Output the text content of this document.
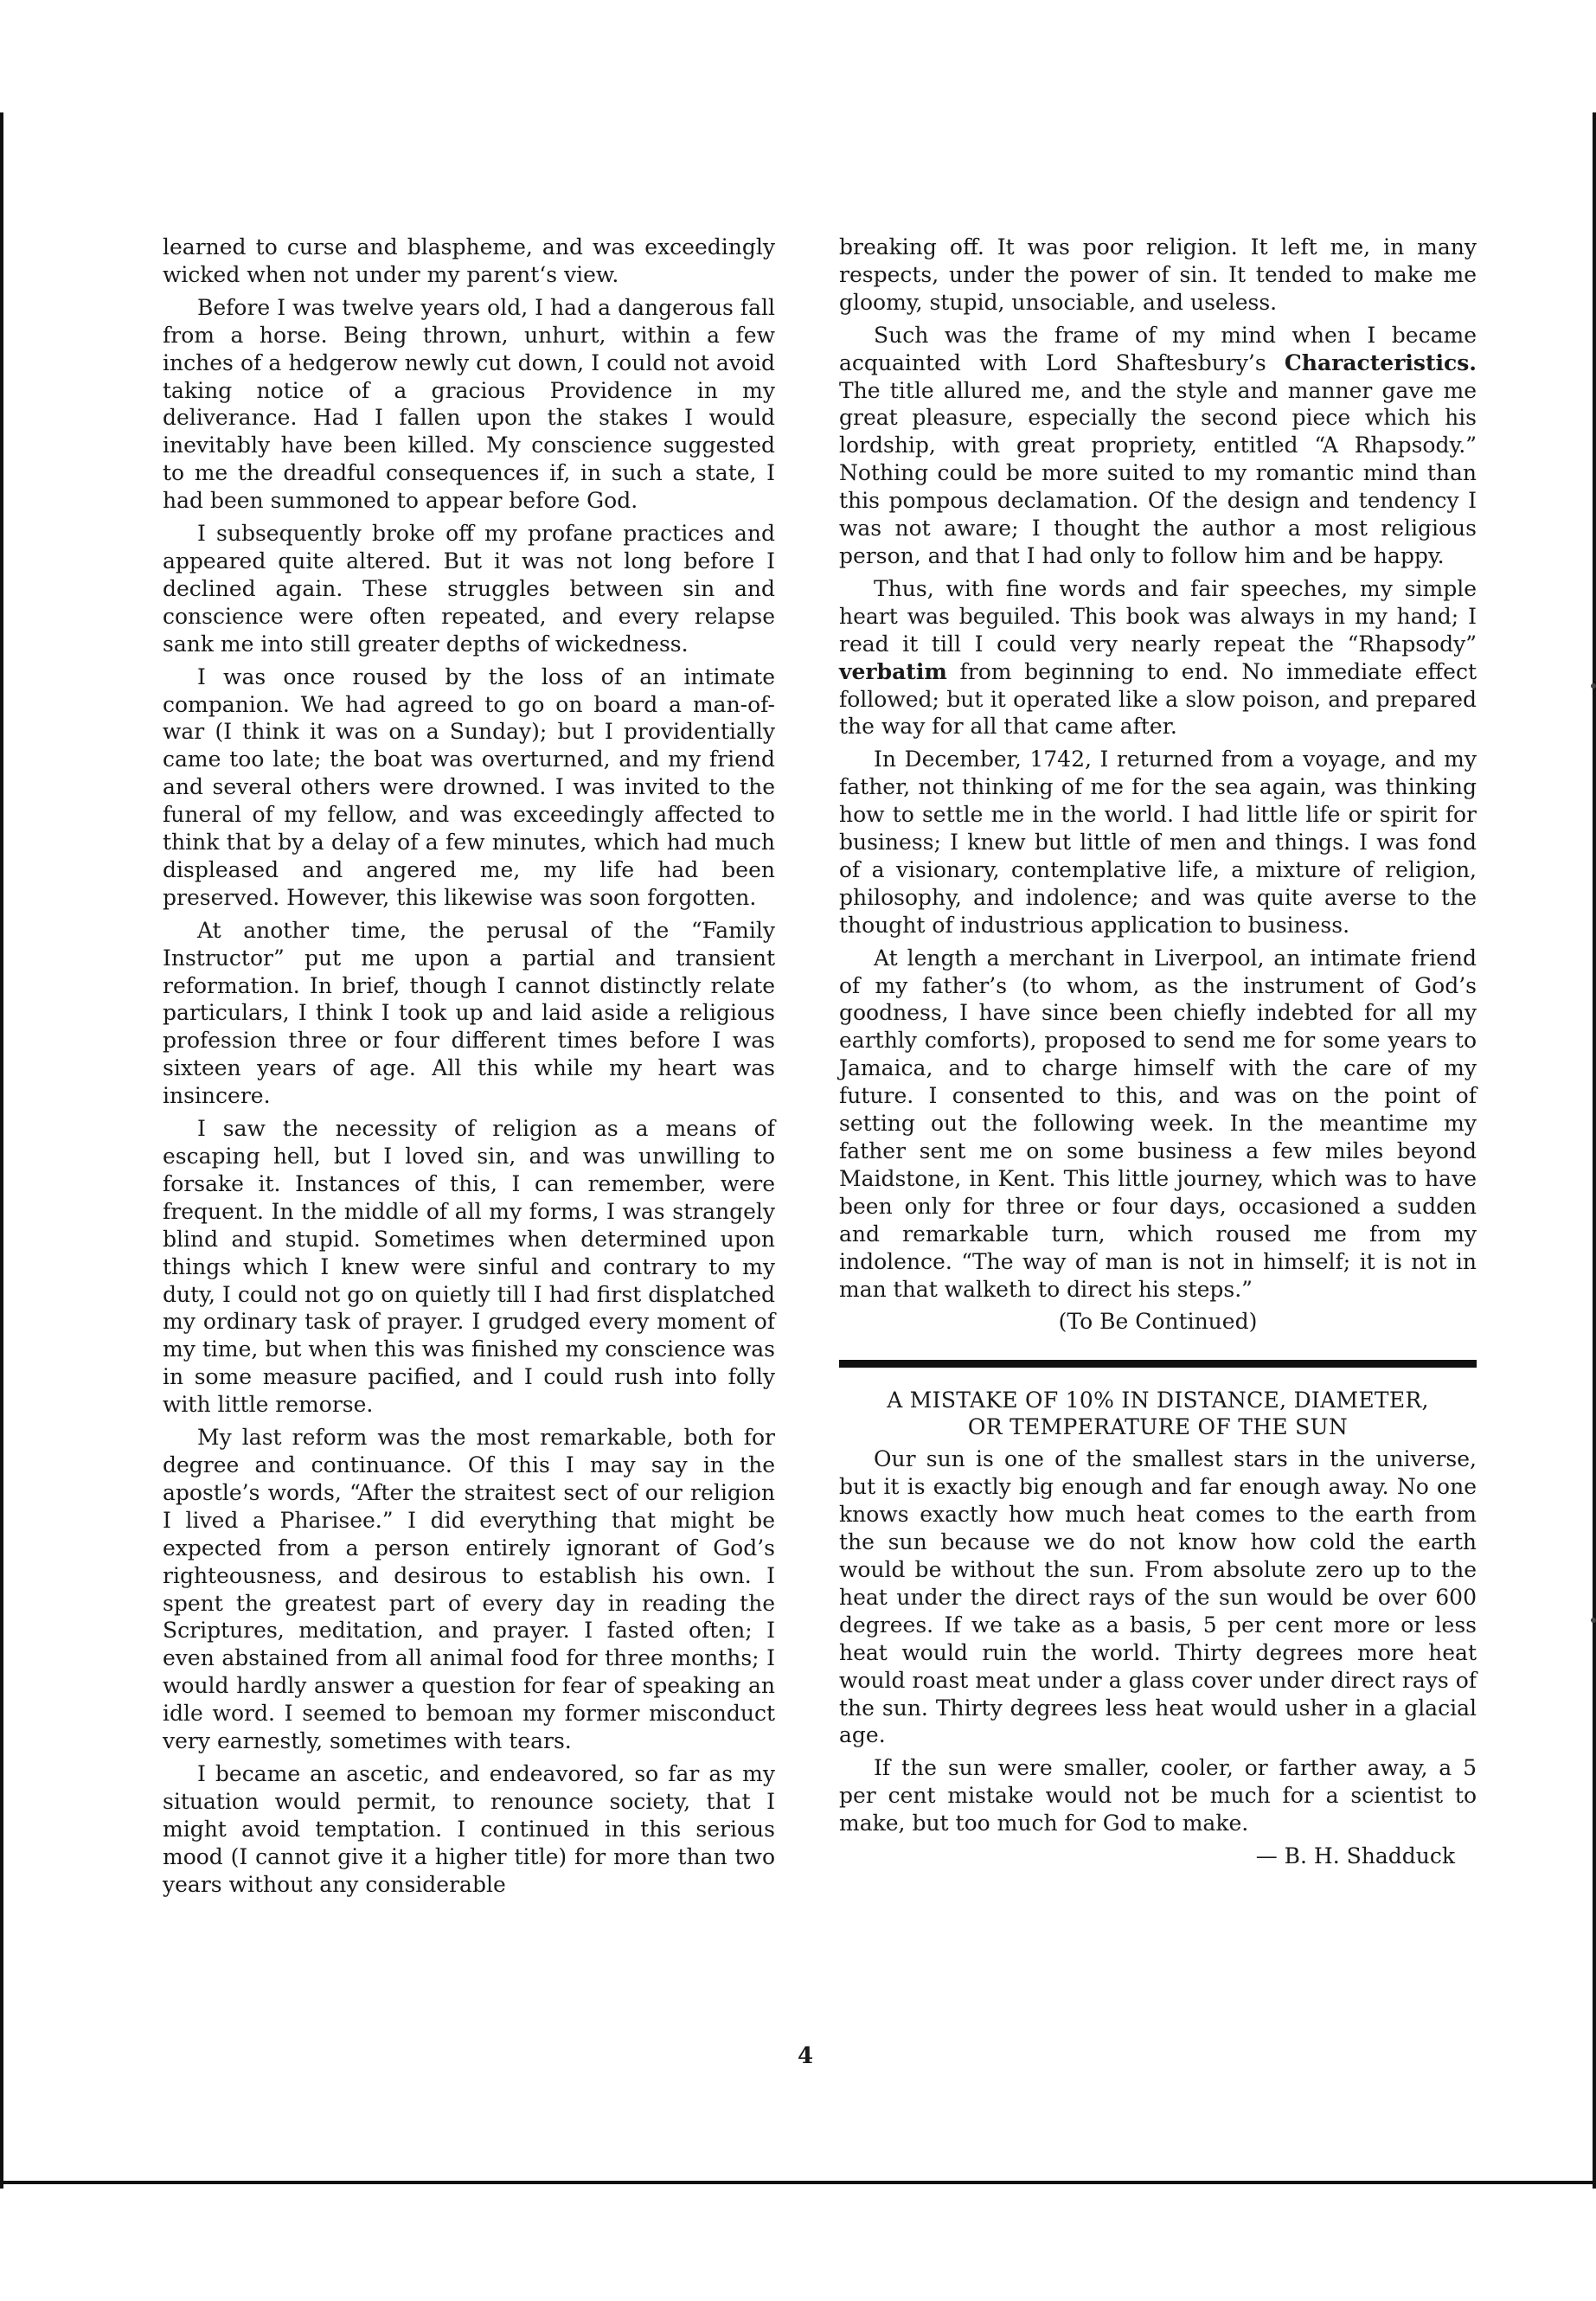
learned to curse and blaspheme, and was exceedingly wicked when not under my parent‘s view.

Before I was twelve years old, I had a dangerous fall from a horse. Being thrown, unhurt, within a few inches of a hedgerow newly cut down, I could not avoid taking notice of a gracious Providence in my deliverance. Had I fallen upon the stakes I would inevitably have been killed. My conscience suggested to me the dreadful consequences if, in such a state, I had been summoned to appear before God.

I subsequently broke off my profane practices and appeared quite altered. But it was not long before I declined again. These struggles between sin and conscience were often repeated, and every relapse sank me into still greater depths of wickedness.

I was once roused by the loss of an intimate companion. We had agreed to go on board a man-of-war (I think it was on a Sunday); but I providentially came too late; the boat was overturned, and my friend and several others were drowned. I was invited to the funeral of my fellow, and was exceedingly affected to think that by a delay of a few minutes, which had much displeased and angered me, my life had been preserved. However, this likewise was soon forgotten.

At another time, the perusal of the “Family Instructor” put me upon a partial and transient reformation. In brief, though I cannot distinctly relate particulars, I think I took up and laid aside a religious profession three or four different times before I was sixteen years of age. All this while my heart was insincere.

I saw the necessity of religion as a means of escaping hell, but I loved sin, and was unwilling to forsake it. Instances of this, I can remember, were frequent. In the middle of all my forms, I was strangely blind and stupid. Sometimes when determined upon things which I knew were sinful and contrary to my duty, I could not go on quietly till I had first displatched my ordinary task of prayer. I grudged every moment of my time, but when this was finished my conscience was in some measure pacified, and I could rush into folly with little remorse.

My last reform was the most remarkable, both for degree and continuance. Of this I may say in the apostle’s words, “After the straitest sect of our religion I lived a Pharisee.” I did everything that might be expected from a person entirely ignorant of God’s righteousness, and desirous to establish his own. I spent the greatest part of every day in reading the Scriptures, meditation, and prayer. I fasted often; I even abstained from all animal food for three months; I would hardly answer a question for fear of speaking an idle word. I seemed to bemoan my former misconduct very earnestly, sometimes with tears.

I became an ascetic, and endeavored, so far as my situation would permit, to renounce society, that I might avoid temptation. I continued in this serious mood (I cannot give it a higher title) for more than two years without any considerable

breaking off. It was poor religion. It left me, in many respects, under the power of sin. It tended to make me gloomy, stupid, unsociable, and useless.

Such was the frame of my mind when I became acquainted with Lord Shaftesbury’s Characteristics. The title allured me, and the style and manner gave me great pleasure, especially the second piece which his lordship, with great propriety, entitled “A Rhapsody.” Nothing could be more suited to my romantic mind than this pompous declamation. Of the design and tendency I was not aware; I thought the author a most religious person, and that I had only to follow him and be happy.

Thus, with fine words and fair speeches, my simple heart was beguiled. This book was always in my hand; I read it till I could very nearly repeat the “Rhapsody” verbatim from beginning to end. No immediate effect followed; but it operated like a slow poison, and prepared the way for all that came after.

In December, 1742, I returned from a voyage, and my father, not thinking of me for the sea again, was thinking how to settle me in the world. I had little life or spirit for business; I knew but little of men and things. I was fond of a visionary, contemplative life, a mixture of religion, philosophy, and indolence; and was quite averse to the thought of industrious application to business.

At length a merchant in Liverpool, an intimate friend of my father’s (to whom, as the instrument of God’s goodness, I have since been chiefly indebted for all my earthly comforts), proposed to send me for some years to Jamaica, and to charge himself with the care of my future. I consented to this, and was on the point of setting out the following week. In the meantime my father sent me on some business a few miles beyond Maidstone, in Kent. This little journey, which was to have been only for three or four days, occasioned a sudden and remarkable turn, which roused me from my indolence. “The way of man is not in himself; it is not in man that walketh to direct his steps.”

(To Be Continued)

A MISTAKE OF 10% IN DISTANCE, DIAMETER,
OR TEMPERATURE OF THE SUN

Our sun is one of the smallest stars in the universe, but it is exactly big enough and far enough away. No one knows exactly how much heat comes to the earth from the sun because we do not know how cold the earth would be without the sun. From absolute zero up to the heat under the direct rays of the sun would be over 600 degrees. If we take as a basis, 5 per cent more or less heat would ruin the world. Thirty degrees more heat would roast meat under a glass cover under direct rays of the sun. Thirty degrees less heat would usher in a glacial age.

If the sun were smaller, cooler, or farther away, a 5 per cent mistake would not be much for a scientist to make, but too much for God to make.

— B. H. Shadduck

4
